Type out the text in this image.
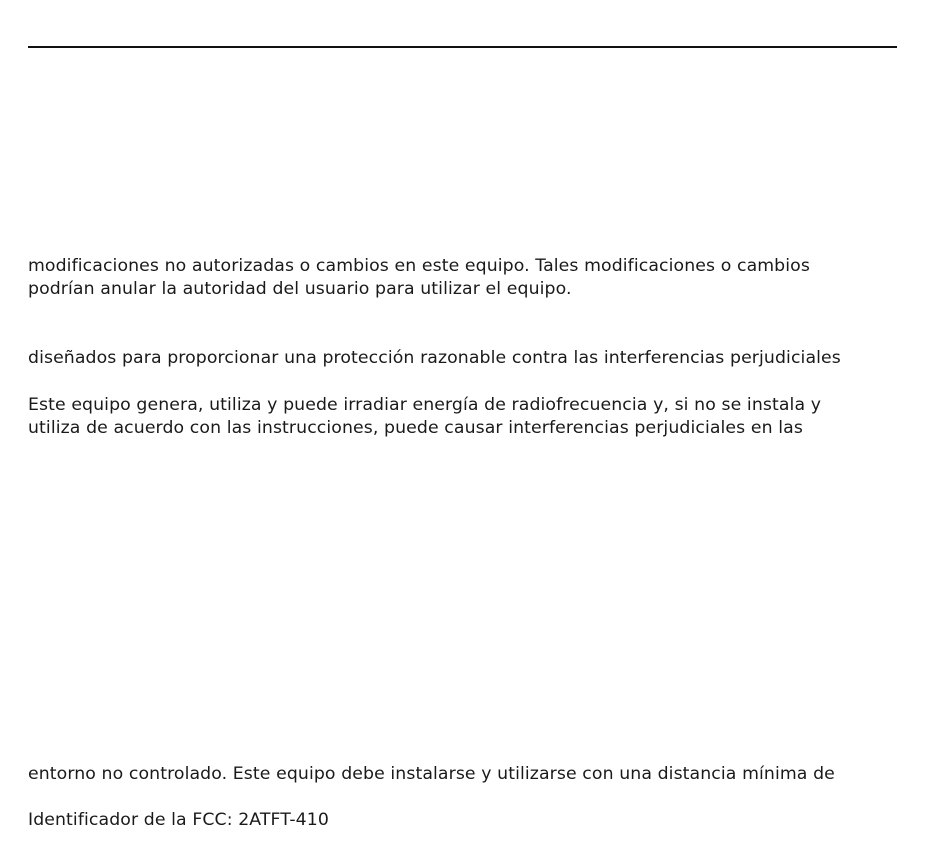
modificaciones no autorizadas o cambios en este equipo. Tales modificaciones o cambios
podrían anular la autoridad del usuario para utilizar el equipo.

diseñados para proporcionar una protección razonable contra las interferencias perjudiciales

Este equipo genera, utiliza y puede irradiar energía de radiofrecuencia y, si no se instala y
utiliza de acuerdo con las instrucciones, puede causar interferencias perjudiciales en las

entorno no controlado. Este equipo debe instalarse y utilizarse con una distancia mínima de

Identificador de la FCC: 2ATFT-410
